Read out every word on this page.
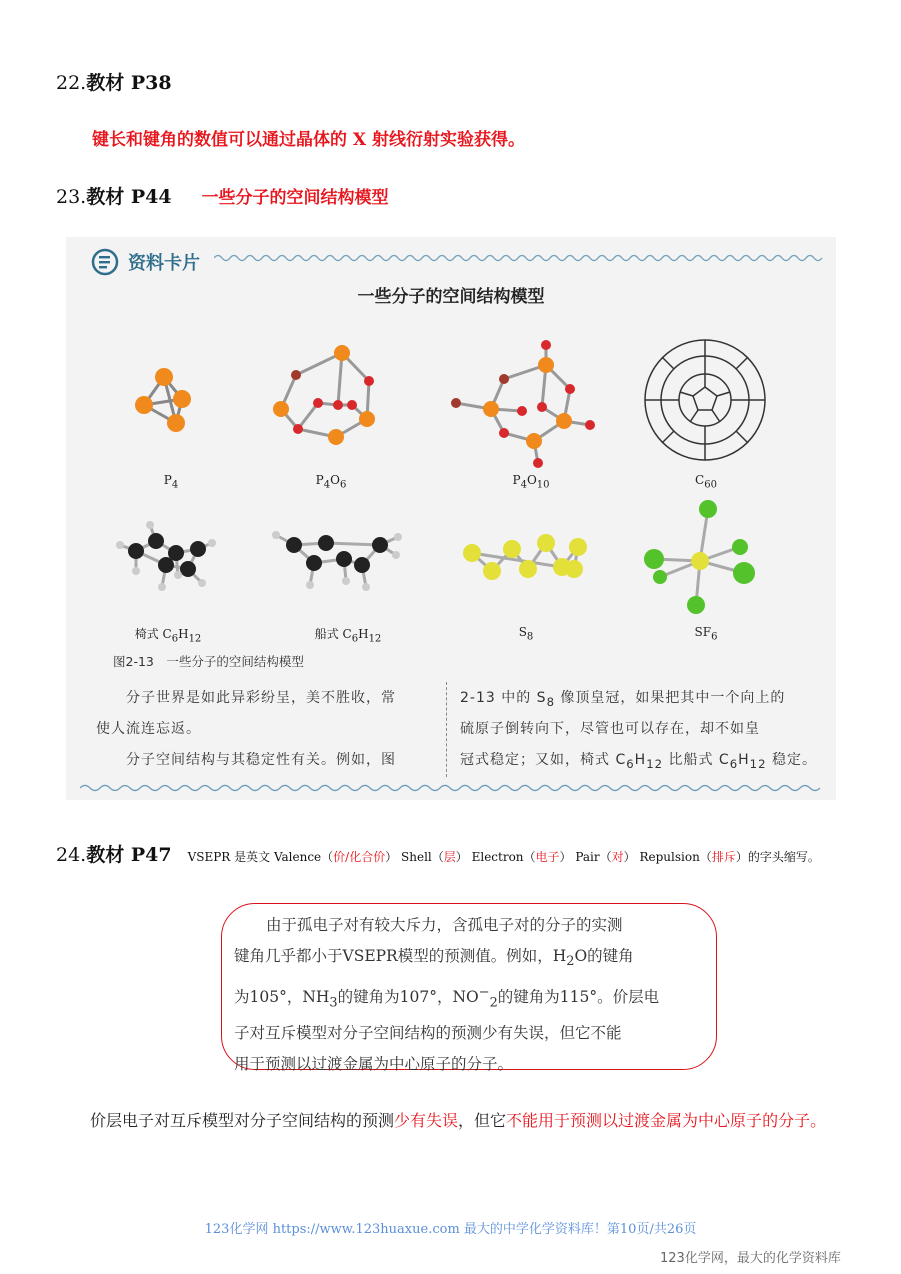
22.教材 P38
键长和键角的数值可以通过晶体的 X 射线衍射实验获得。
23.教材 P44 一些分子的空间结构模型
资料卡片
一些分子的空间结构模型
$P_4$	$P_4O_6$	$P_4O_{10}$	$C_{60}$
椅式 $C_6H_{12}$	船式 $C_6H_{12}$	$S_8$	$SF_6$
图2-13　一些分子的空间结构模型
分子世界是如此异彩纷呈，美不胜收，常
使人流连忘返。
分子空间结构与其稳定性有关。例如，图
2-13 中的 $S_8$ 像顶皇冠，如果把其中一个向上的
硫原子倒转向下，尽管也可以存在，却不如皇
冠式稳定；又如，椅式 $C_6H_{12}$ 比船式 $C_6H_{12}$ 稳定。
24.教材 P47 VSEPR 是英文 Valence（价/化合价） Shell（层） Electron（电子） Pair（对） Repulsion（排斥）的字头缩写。
由于孤电子对有较大斥力，含孤电子对的分子的实测
键角几乎都小于VSEPR模型的预测值。例如，$H_2O$的键角
为105°，$NH_3$的键角为107°，$NO^-_2$的键角为115°。价层电
子对互斥模型对分子空间结构的预测少有失误，但它不能
用于预测以过渡金属为中心原子的分子。
价层电子对互斥模型对分子空间结构的预测少有失误，但它不能用于预测以过渡金属为中心原子的分子。
123化学网 https://www.123huaxue.com 最大的中学化学资料库！第10页/共26页
123化学网，最大的化学资料库
